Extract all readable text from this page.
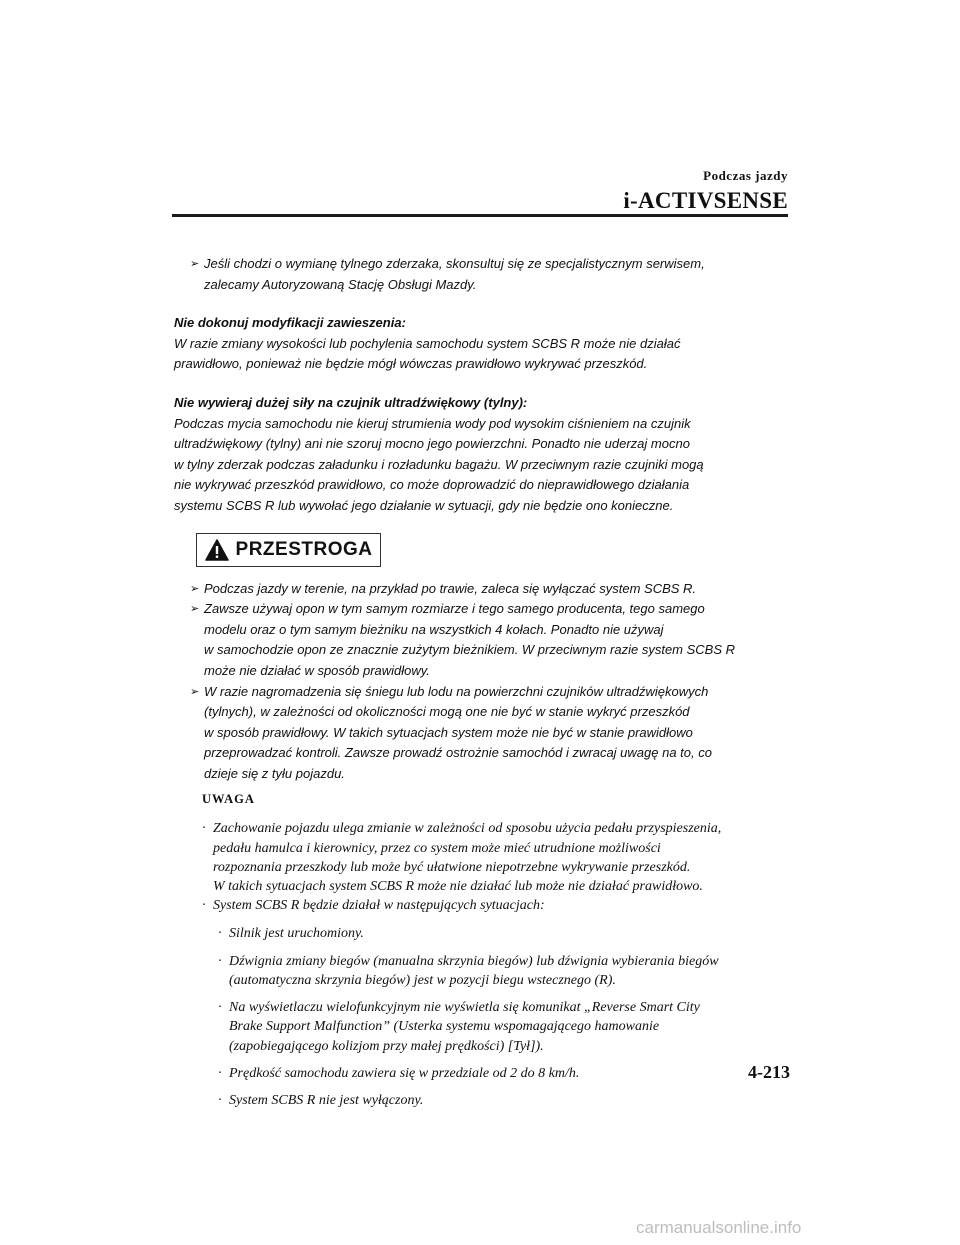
Podczas jazdy
i-ACTIVSENSE
➢ Jeśli chodzi o wymianę tylnego zderzaka, skonsultuj się ze specjalistycznym serwisem,
zalecamy Autoryzowaną Stację Obsługi Mazdy.
Nie dokonuj modyfikacji zawieszenia:
W razie zmiany wysokości lub pochylenia samochodu system SCBS R może nie działać
prawidłowo, ponieważ nie będzie mógł wówczas prawidłowo wykrywać przeszkód.
Nie wywieraj dużej siły na czujnik ultradźwiękowy (tylny):
Podczas mycia samochodu nie kieruj strumienia wody pod wysokim ciśnieniem na czujnik
ultradźwiękowy (tylny) ani nie szoruj mocno jego powierzchni. Ponadto nie uderzaj mocno
w tylny zderzak podczas załadunku i rozładunku bagażu. W przeciwnym razie czujniki mogą
nie wykrywać przeszkód prawidłowo, co może doprowadzić do nieprawidłowego działania
systemu SCBS R lub wywołać jego działanie w sytuacji, gdy nie będzie ono konieczne.
PRZESTROGA
➢ Podczas jazdy w terenie, na przykład po trawie, zaleca się wyłączać system SCBS R.
➢ Zawsze używaj opon w tym samym rozmiarze i tego samego producenta, tego samego
modelu oraz o tym samym bieżniku na wszystkich 4 kołach. Ponadto nie używaj
w samochodzie opon ze znacznie zużytym bieżnikiem. W przeciwnym razie system SCBS R
może nie działać w sposób prawidłowy.
➢ W razie nagromadzenia się śniegu lub lodu na powierzchni czujników ultradźwiękowych
(tylnych), w zależności od okoliczności mogą one nie być w stanie wykryć przeszkód
w sposób prawidłowy. W takich sytuacjach system może nie być w stanie prawidłowo
przeprowadzać kontroli. Zawsze prowadź ostrożnie samochód i zwracaj uwagę na to, co
dzieje się z tyłu pojazdu.
UWAGA
· Zachowanie pojazdu ulega zmianie w zależności od sposobu użycia pedału przyspieszenia,
pedału hamulca i kierownicy, przez co system może mieć utrudnione możliwości
rozpoznania przeszkody lub może być ułatwione niepotrzebne wykrywanie przeszkód.
W takich sytuacjach system SCBS R może nie działać lub może nie działać prawidłowo.
· System SCBS R będzie działał w następujących sytuacjach:
· Silnik jest uruchomiony.
· Dźwignia zmiany biegów (manualna skrzynia biegów) lub dźwignia wybierania biegów
(automatyczna skrzynia biegów) jest w pozycji biegu wstecznego (R).
· Na wyświetlaczu wielofunkcyjnym nie wyświetla się komunikat „Reverse Smart City
Brake Support Malfunction” (Usterka systemu wspomagającego hamowanie
(zapobiegającego kolizjom przy małej prędkości) [Tył]).
· Prędkość samochodu zawiera się w przedziale od 2 do 8 km/h.
· System SCBS R nie jest wyłączony.
4-213
carmanualsonline.info
